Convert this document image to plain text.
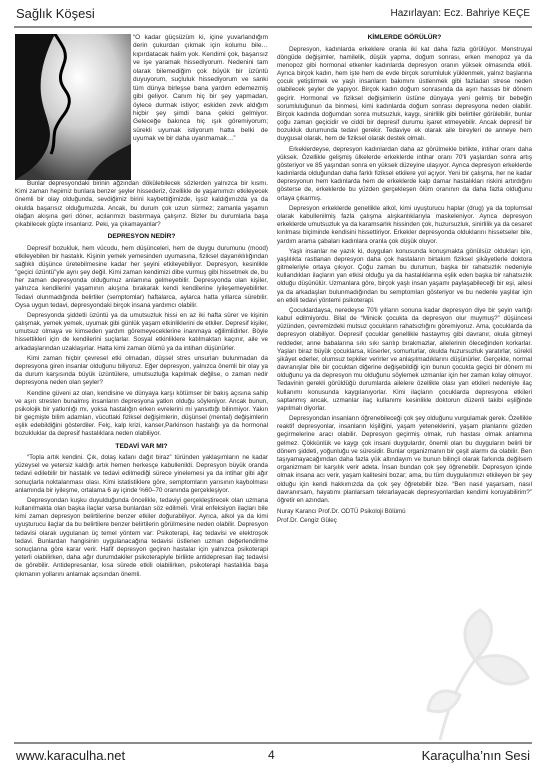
Sağlık Köşesi	Hazırlayan: Ecz. Bahriye KEÇE
“O kadar güçsüzüm ki, içine yuvarlandığım derin çukurdan çıkmak için kolumu bile… kıpırdatacak halim yok. Kendimi çok, başarısız ve işe yaramak hissediyorum. Nedenini tam olarak bilemediğim çok büyük bir üzüntü duyuyorum, suçluluk hissediyorum ve sanki tüm dünya birleşse bana yardım edemezmiş gibi geliyor. Canım hiç bir şey yapmadan, öylece durmak istiyor; eskiden zevk aldığım hiçbir şey şimdi bana çekici gelmiyor. Geleceğe bakınca hiç ışık göremiyorum; sürekli uyumak istiyorum hatta belki de uyumak ve bir daha uyanmamak…”

Bunlar depresyondaki birinin ağzından dökülebilecek sözlerden yalnızca bir kısmı. Kimi zaman hepimiz bunlara benzer şeyler hissederiz, özellikle de yaşamımızı etkileyecek önemli bir olay olduğunda, sevdiğimiz birini kaybettiğimizde, işsiz kaldığımızda ya da okulda başarısız olduğumuzda. Ancak, bu durum çok uzun sürmez; zamanla yaşamın olağan akışına geri döner, acılarımızı bastırmaya çalışırız. Bizler bu durumlarla başa çıkabilecek güçte insanlarız. Peki, ya çıkamayanlar?

DEPRESYON NEDİR?

Depresif bozukluk, hem vücudu, hem düşünceleri, hem de duygu durumunu (mood) etkileyebilen bir hastalık. Kişinin yemek yemesinden uyumasına, fiziksel dayanıklılığından sağlıklı düşünce üretebilmesine kadar her şeyini etkileyebiliyor. Depresyon, kesinlikle "geçici üzüntü"yle aynı şey değil. Kimi zaman kendimizi dibe vurmuş gibi hissetmek de, bu her zaman depresyonda olduğumuz anlamına gelmeyebilir. Depresyonda olan kişiler, yalnızca kendilerini yaşamının akışına bırakarak kendi kendilerine iyileşemeyebilirler. Tedavi olunmadığında belirtiler (semptomlar) haftalarca, aylarca hatta yıllarca sürebilir. Oysa uygun tedavi, depresyondaki birçok insana yardımcı olabilir.

Depresyonda şiddetli üzüntü ya da umutsuzluk hissi en az iki hafta sürer ve kişinin çalışmak, yemek yemek, uyumak gibi günlük yaşam etkinliklerini de etkiler. Depresif kişiler, umutsuz olmaya ve kimseden yardım göremeyeceklerine inanmaya eğilimlidirler. Böyle hissettikleri için de kendilerini suçlarlar. Sosyal etkinliklere katılmaktan kaçınır, aile ve arkadaşlarından uzaklaşırlar. Hatta kimi zaman ölümü ya da intiharı düşünürler.

Kimi zaman hiçbir çevresel etki olmadan, düşsel stres unsurları bulunmadan da depresyona giren insanlar olduğunu biliyoruz. Eğer depresyon, yalnızca önemli bir olay ya da durum karşısında büyük üzüntülere, umutsuzluğa kapılmak değilse, o zaman nedir depresyona neden olan şeyler?

Kendine güveni az olan, kendisine ve dünyaya karşı kötümser bir bakış açısına sahip ve aşırı stresten bunalmış insanların depresyona yatkın olduğu söyleniyor. Ancak bunun, psikolojik bir yatkınlığı mı, yoksa hastalığın erken evrelerini mi yansıttığı bilinmiyor. Yakın bir geçmişte bilim adamları, vücuttaki fiziksel değişimlerin, düşünsel (mental) değişimlerin eşlik edebildiğini gösterdiler. Felç, kalp krizi, kanser,Parkinson hastalığı ya da hormonal bozukluklar da depresif hastalıklara neden olabiliyor.

TEDAVİ VAR MI?

“Topla artık kendini. Çık, dolaş kafanı dağıt biraz” türünden yaklaşımların ne kadar yüzeysel ve yetersiz kaldığı artık hemen herkesçe kabullenildi. Depresyon büyük oranda tedavi edilebilir bir hastalık ve tedavi edilmediği sürece yinelemesi ya da intihar gibi ağır sonuçlarla noktalanması olası. Kimi istatistiklere göre, semptomların yarısının kaybolması anlamında bir iyileşme, ortalama 6 ay içinde %60–70 oranında gerçekleşiyor.

Depresyondan kuşku duyulduğunda öncelikle, tedaviyi gerçekleştirecek olan uzmana kullanılmakta olan başka ilaçlar varsa bunlardan söz edilmeli. Viral enfeksiyon ilaçları bile kimi zaman depresyon belirtilerine benzer etkiler doğurabiliyor. Ayrıca, alkol ya da kimi uyuşturucu ilaçlar da bu belirtilere benzer belirtilerin görülmesine neden olabilir. Depresyon tedavisi olarak uygulanan üç temel yöntem var: Psikoterapi, ilaç tedavisi ve elektroşok tedavi. Bunlardan hangisinin uygulanacağına tedavisi üstlenen uzman değerlendirme sonuçlarına göre karar verir. Hafif depresyon geçiren hastalar için yalnızca psikoterapi yeterli olabilirken, daha ağır durumdakiler psikoterapiyle birlikte antidepresan ilaç tedavisi de görebilir. Antidepresanlar, kısa sürede etkili olabilirken, psikoterapi hastalıkla başa çıkmanın yollarını anlamak açısından önemli.

KİMLERDE GÖRÜLÜR?

Depresyon, kadınlarda erkeklere oranla iki kat daha fazla görülüyor. Menstruyal döngüde değişimler, hamilelik, düşük yapma, doğum sonrası, erken menopoz ya da menopoz gibi hormonal etkenler kadınlarda depresyon oranın yüksek olmasında etkili. Ayrıca birçok kadın, hem işte hem de evde birçok sorumluluk yüklenmek, yalnız başlarına çocuk yetiştirmek ve yaşlı insanların bakımını üstlenmek gibi fazladan strese neden olabilecek şeyler de yapıyor. Birçok kadın doğum sonrasında da aşırı hassas bir dönem geçirir. Hormonal ve fiziksel değişimlerin üstüne dünyaya yeni gelmiş bir bebeğin sorumluluğunun da binmesi, kimi kadınlarda doğum sonrası depresyona neden olabilir. Birçok kadında doğumdan sonra mutsuzluk, kaygı, sinirlilik gibi belirtiler görülebilir, bunlar çoğu zaman geçicidir ve ciddi bir depresif durumu işaret etmeyebilir. Ancak depresif bir bozukluk durumunda tedavi gerekir. Tedaviye ek olarak aile bireyleri de anneye hem duygusal olarak, hem de fiziksel olarak destek olmalı.

Erkeklerdeyse, depresyon kadınlardan daha az görülmekle birlikte, intihar oranı daha yüksek. Özellikle gelişmiş ülkelerde erkeklerde intihar oranı 70'li yaşlardan sonra artış gösteriyor ve 85 yaşından sonra en yüksek düzeyine ulaşıyor. Ayrıca depresyon erkeklerde kadınlarda olduğundan daha farklı fiziksel etkilere yol açıyor. Yeni bir çalışma, her ne kadar depresyonun hem kadınlarda hem de erkeklerde kalp damar hastalıkları riskini artırdığını gösterse de, erkeklerde bu yüzden gerçekleşen ölüm oranının da daha fazla olduğunu ortaya çıkarmış.

Depresyon erkeklerde genellikle alkol, kimi uyuşturucu haplar (drug) ya da toplumsal olarak kabullenilmiş fazla çalışma alışkanlıklarıyla maskeleniyor. Ayrıca depresyon erkeklerde umutsuzluk ya da karamsarlık hissinden çok, huzursuzluk, sinirlilik ya da cesaret kırılması biçiminde kendisini hissettiriyor. Erkekler depresyonda olduklarını hissetseler bile, yardım arama çabaları kadınlara oranla çok düşük oluyor.

Yaşlı insanlar ne yazık ki, duyguları konusunda konuşmakta gönülsüz oldukları için, yaşlılıkta rastlanan depresyon daha çok hastaların birtakım fiziksel şikâyetlerle doktora gitmeleriyle ortaya çıkıyor. Çoğu zaman bu durumun, başka bir rahatsızlık nedeniyle kullandıkları ilaçların yan etkisi olduğu ya da hastalıklarına eşlik eden başka bir rahatsızlık olduğu düşünülür. Uzmanlara göre, birçok yaşlı insan yaşamı paylaşabileceği bir eşi, ailesi ya da arkadaşları bulunmadığından bu semptomları gösteriyor ve bu nedenle yaşlılar için en etkili tedavi yöntemi psikoterapi.

Çocuklardaysa, neredeyse 70'li yılların sonuna kadar depresyon diye bir şeyin varlığı kabul edilmiyordu. Bilal de “Minicik çocukta da depresyon olur muymuş?” düşüncesi yüzünden, çevremizdeki mutsuz çocukların rahatsızlığını göremiyoruz. Ama, çocuklarda da depresyon olabiliyor. Depresif çocuklar genellikle hastaymış gibi davranır, okula gitmeyi reddeder, anne babalarına sıkı sıkı sarılıp bırakmazlar, ailelerinin öleceğinden korkarlar. Yaşları biraz büyük çocuklarsa, küserler, somurturlar, okulda huzursuzluk yaratırlar, sürekli şikâyet ederler, olumsuz tepkiler verirler ve anlaşılmadıklarını düşünürler. Gerçekte, normal davranışlar bile bir çocuktan diğerine değişebildiği için bunun çocukta geçici bir dönem mi olduğunu ya da depresyon mu olduğunu söylemek uzmanlar için her zaman kolay olmuyor. Tedavinin gerekli görüldüğü durumlarda ailelere özellikle olası yan etkileri nedeniyle ilaç kullanımı konusunda kaygılanıyorlar. Kimi ilaçların çocuklarda depresyona etkileri saptanmış ancak, uzmanlar ilaç kullanımı kesinlikle doktorun düzenli takibi eşliğinde yapılmalı diyorlar.

Depresyondan insanların öğrenebileceği çok şey olduğunu vurgulamak gerek. Özellikle reaktif depresyonlar, insanların kişiliğini, yaşam yeteneklerini, yaşam planlarını gözden geçirmelerine aracı olabilir. Depresyon geçirmiş olmak, ruh hastası olmak anlamına gelmez. Çökkünlük ve kaygı çok insani duygulardır, önemli olan bu duyguların belirli bir dönem şiddeti, yoğunluğu ve süresidir. Bunlar organizmanın bir çeşit alarmı da olabilir. Ben taşıyamayacağımdan daha fazla yük altındayım ve bunun bilinçli olarak farkında değilsem organizmam bir karşılık verir adeta. İnsan bundan çok şey öğrenebilir. Depresyon içinde olmak insana acı verir, yaşam kalitesini bozar; ama, bu tüm duygularımızı etkileyen bir şey olduğu için kendi hakkımızda da çok şey öğretebilir bize. “Ben nasıl yaşarsam, nasıl davranırsam, hayatımı planlarsam tekrarlayacak depresyonlardan kendimi koruyabilirim?” öğretir en azından.

Nuray Karancı Prof.Dr. ODTÜ Psikoloji Bölümü
Prof.Dr. Cengiz Güleç
www.karaculha.net	4	Karaçulha’nın Sesi
